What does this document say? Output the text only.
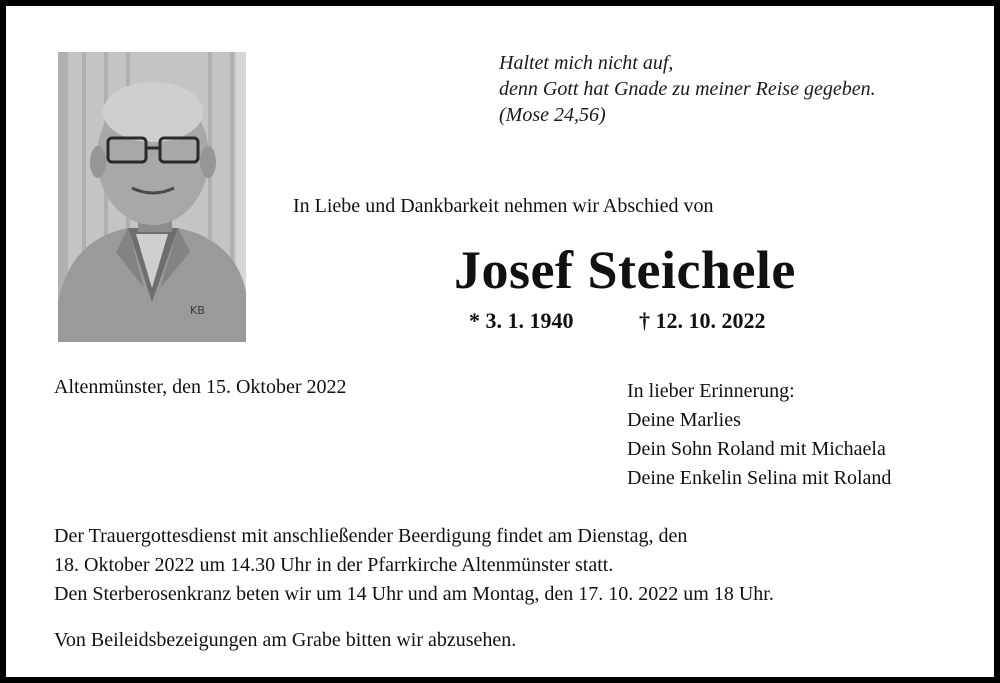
KB
Haltet mich nicht auf,
denn Gott hat Gnade zu meiner Reise gegeben.
(Mose 24,56)
In Liebe und Dankbarkeit nehmen wir Abschied von
Josef Steichele
* 3. 1. 1940	† 12. 10. 2022
Altenmünster, den 15. Oktober 2022	In lieber Erinnerung:
Deine Marlies
Dein Sohn Roland mit Michaela
Deine Enkelin Selina mit Roland
Der Trauergottesdienst mit anschließender Beerdigung findet am Dienstag, den
18. Oktober 2022 um 14.30 Uhr in der Pfarrkirche Altenmünster statt.
Den Sterberosenkranz beten wir um 14 Uhr und am Montag, den 17. 10. 2022 um 18 Uhr.
Von Beileidsbezeigungen am Grabe bitten wir abzusehen.
